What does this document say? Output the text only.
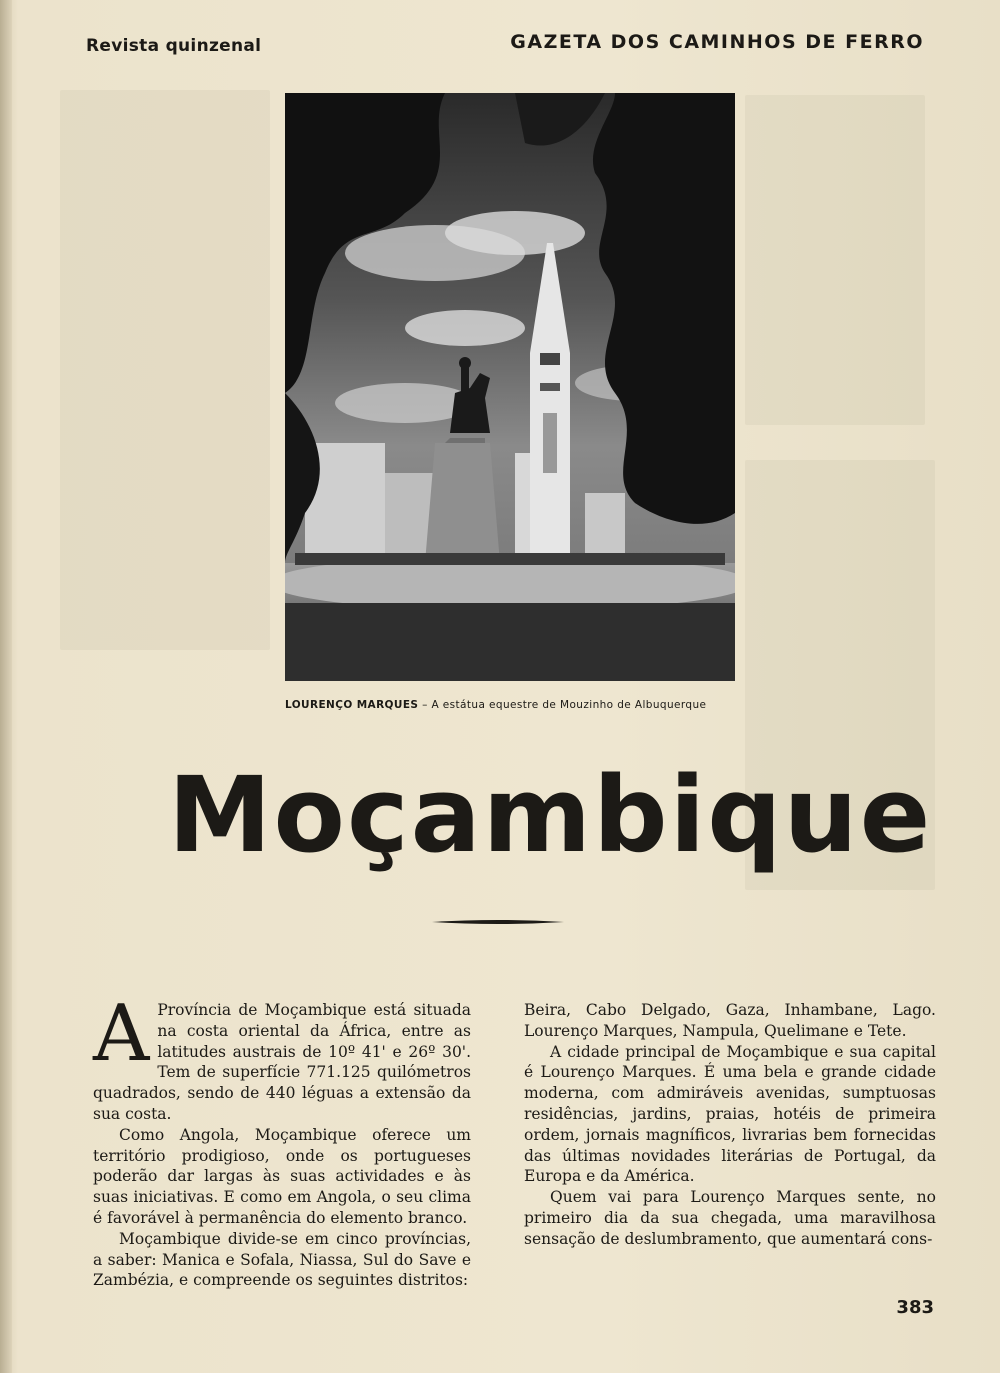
Revista quinzenal	GAZETA DOS CAMINHOS DE FERRO
LOURENÇO MARQUES – A estátua equestre de Mouzinho de Albuquerque
Moçambique

A Província de Moçambique está situada na costa oriental da África, entre as latitudes austrais de 10º 41' e 26º 30'. Tem de superfície 771.125 quilómetros quadrados, sendo de 440 léguas a extensão da sua costa.

Como Angola, Moçambique oferece um território prodigioso, onde os portugueses poderão dar largas às suas actividades e às suas iniciativas. E como em Angola, o seu clima é favorável à permanência do elemento branco.

Moçambique divide-se em cinco províncias, a saber: Manica e Sofala, Niassa, Sul do Save e Zambézia, e compreende os seguintes distritos:

Beira, Cabo Delgado, Gaza, Inhambane, Lago. Lourenço Marques, Nampula, Quelimane e Tete.

A cidade principal de Moçambique e sua capital é Lourenço Marques. É uma bela e grande cidade moderna, com admiráveis avenidas, sumptuosas residências, jardins, praias, hotéis de primeira ordem, jornais magníficos, livrarias bem fornecidas das últimas novidades literárias de Portugal, da Europa e da América.

Quem vai para Lourenço Marques sente, no primeiro dia da sua chegada, uma maravilhosa sensação de deslumbramento, que aumentará cons-

383
